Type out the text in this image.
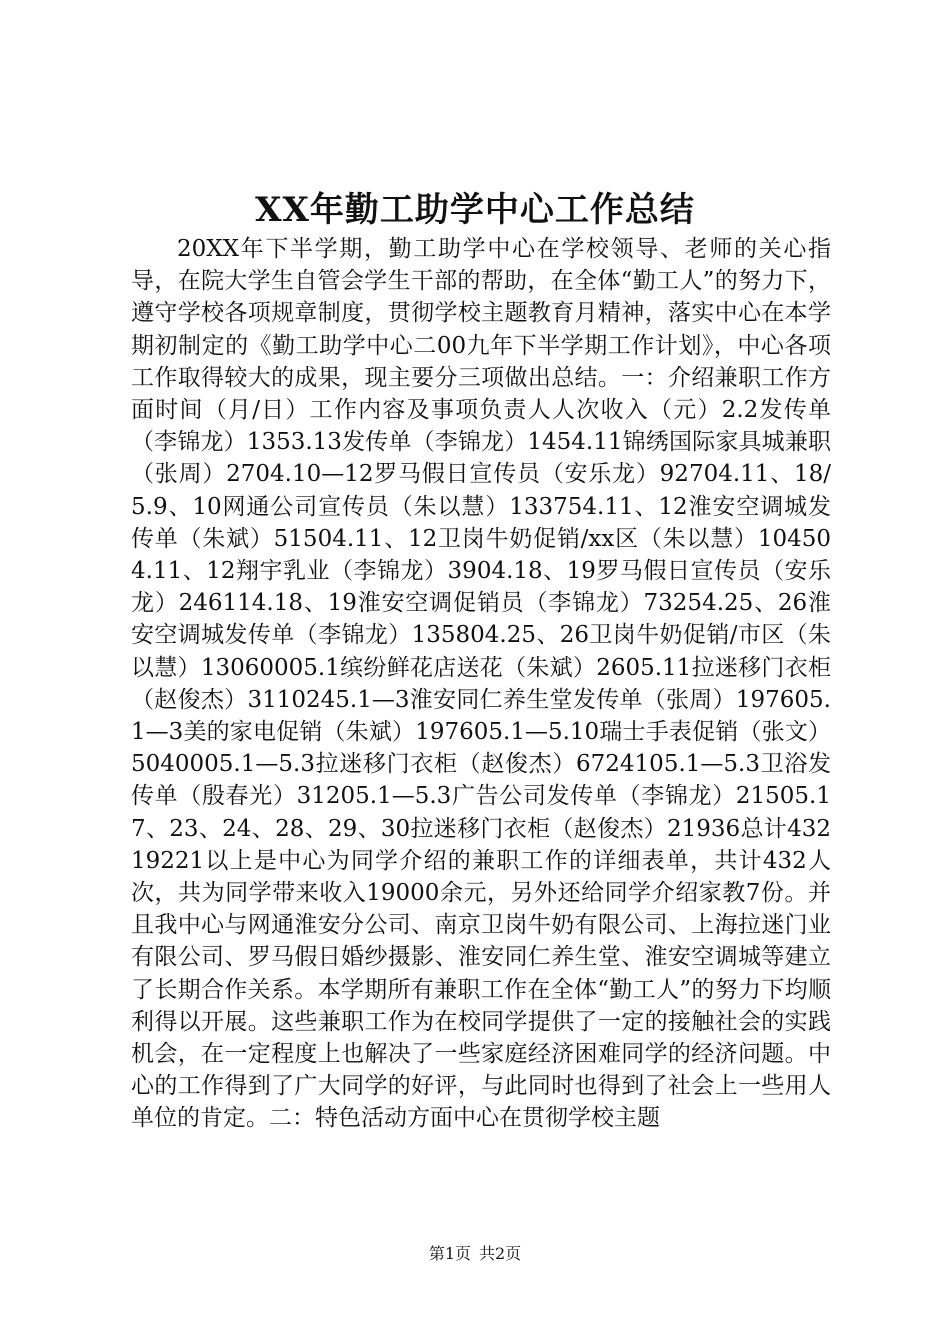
XX年勤工助学中心工作总结

20XX年下半学期，勤工助学中心在学校领导、老师的关心指导，在院大学生自管会学生干部的帮助，在全体“勤工人”的努力下，遵守学校各项规章制度，贯彻学校主题教育月精神，落实中心在本学期初制定的《勤工助学中心二00九年下半学期工作计划》，中心各项工作取得较大的成果，现主要分三项做出总结。一：介绍兼职工作方面时间（月/日）工作内容及事项负责人人次收入（元）2.2发传单（李锦龙）1353.13发传单（李锦龙）1454.11锦绣国际家具城兼职（张周）2704.10—12罗马假日宣传员（安乐龙）92704.11、18/5.9、10网通公司宣传员（朱以慧）133754.11、12淮安空调城发传单（朱斌）51504.11、12卫岗牛奶促销/xx区（朱以慧）104504.11、12翔宇乳业（李锦龙）3904.18、19罗马假日宣传员（安乐龙）246114.18、19淮安空调促销员（李锦龙）73254.25、26淮安空调城发传单（李锦龙）135804.25、26卫岗牛奶促销/市区（朱以慧）13060005.1缤纷鲜花店送花（朱斌）2605.11拉迷移门衣柜（赵俊杰）3110245.1—3淮安同仁养生堂发传单（张周）197605.1—3美的家电促销（朱斌）197605.1—5.10瑞士手表促销（张文）5040005.1—5.3拉迷移门衣柜（赵俊杰）6724105.1—5.3卫浴发传单（殷春光）31205.1—5.3广告公司发传单（李锦龙）21505.17、23、24、28、29、30拉迷移门衣柜（赵俊杰）21936总计43219221以上是中心为同学介绍的兼职工作的详细表单，共计432人次，共为同学带来收入19000余元，另外还给同学介绍家教7份。并且我中心与网通淮安分公司、南京卫岗牛奶有限公司、上海拉迷门业有限公司、罗马假日婚纱摄影、淮安同仁养生堂、淮安空调城等建立了长期合作关系。本学期所有兼职工作在全体“勤工人”的努力下均顺利得以开展。这些兼职工作为在校同学提供了一定的接触社会的实践机会，在一定程度上也解决了一些家庭经济困难同学的经济问题。中心的工作得到了广大同学的好评，与此同时也得到了社会上一些用人单位的肯定。二：特色活动方面中心在贯彻学校主题

第1页 共2页
